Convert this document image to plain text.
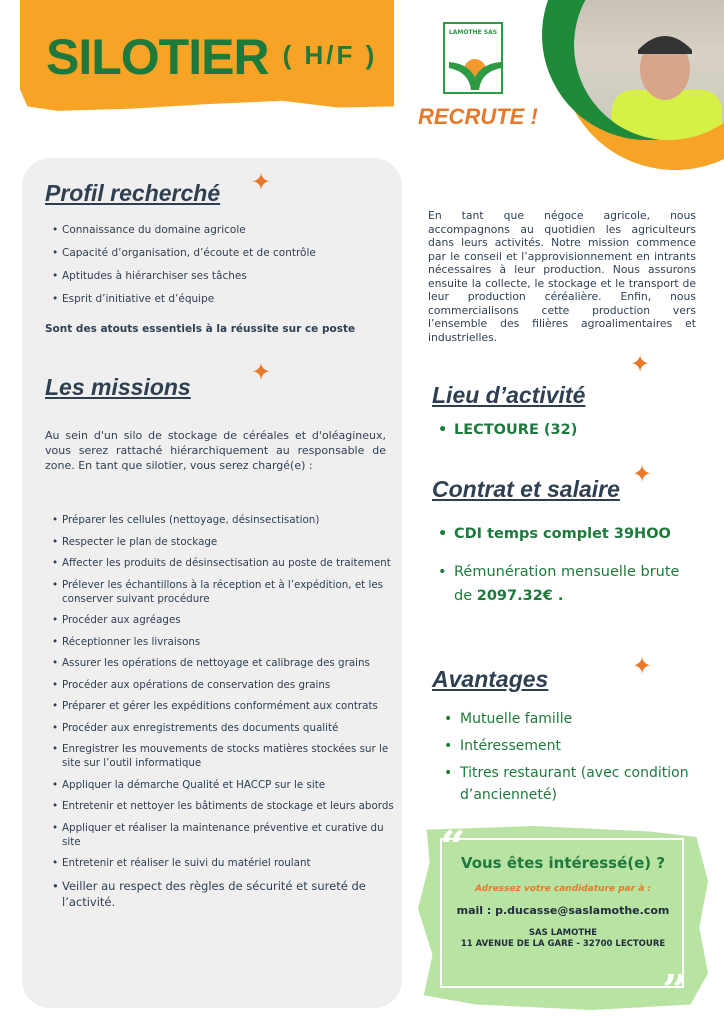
SILOTIER $^{( H/F )}$
LAMOTHE SAS
RECRUTE !
Profil recherché ✦
• Connaissance du domaine agricole
• Capacité d’organisation, d’écoute et de contrôle
• Aptitudes à hiérarchiser ses tâches
• Esprit d’initiative et d’équipe
Sont des atouts essentiels à la réussite sur ce poste
Les missions
✦
Au sein d'un silo de stockage de céréales et d'oléagineux, vous serez rattaché hiérarchiquement au responsable de zone. En tant que silotier, vous serez chargé(e) :
• Préparer les cellules (nettoyage, désinsectisation)
• Respecter le plan de stockage
• Affecter les produits de désinsectisation au poste de traitement
• Prélever les échantillons à la réception et à l’expédition, et les conserver suivant procédure
• Procéder aux agréages
• Réceptionner les livraisons
• Assurer les opérations de nettoyage et calibrage des grains
• Procéder aux opérations de conservation des grains
• Préparer et gérer les expéditions conformément aux contrats
• Procéder aux enregistrements des documents qualité
• Enregistrer les mouvements de stocks matières stockées sur le site sur l’outil informatique
• Appliquer la démarche Qualité et HACCP sur le site
• Entretenir et nettoyer les bâtiments de stockage et leurs abords
• Appliquer et réaliser la maintenance préventive et curative du site
• Entretenir et réaliser le suivi du matériel roulant
• Veiller au respect des règles de sécurité et sureté de l’activité.
En tant que négoce agricole, nous accompagnons au quotidien les agriculteurs dans leurs activités. Notre mission commence par le conseil et l’approvisionnement en intrants nécessaires à leur production. Nous assurons ensuite la collecte, le stockage et le transport de leur production céréalière. Enfin, nous commercialisons cette production vers l’ensemble des filières agroalimentaires et industrielles.
✦
Lieu d’activité
• LECTOURE (32)
✦
Contrat et salaire
• CDI temps complet 39HOO
• Rémunération mensuelle brute de 2097.32€ .
✦
Avantages
• Mutuelle famille
• Intéressement
• Titres restaurant (avec condition d’ancienneté)
“
”
Vous êtes intéressé(e) ?
Adressez votre candidature par à :
mail : p.ducasse@saslamothe.com
SAS LAMOTHE
11 AVENUE DE LA GARE - 32700 LECTOURE
